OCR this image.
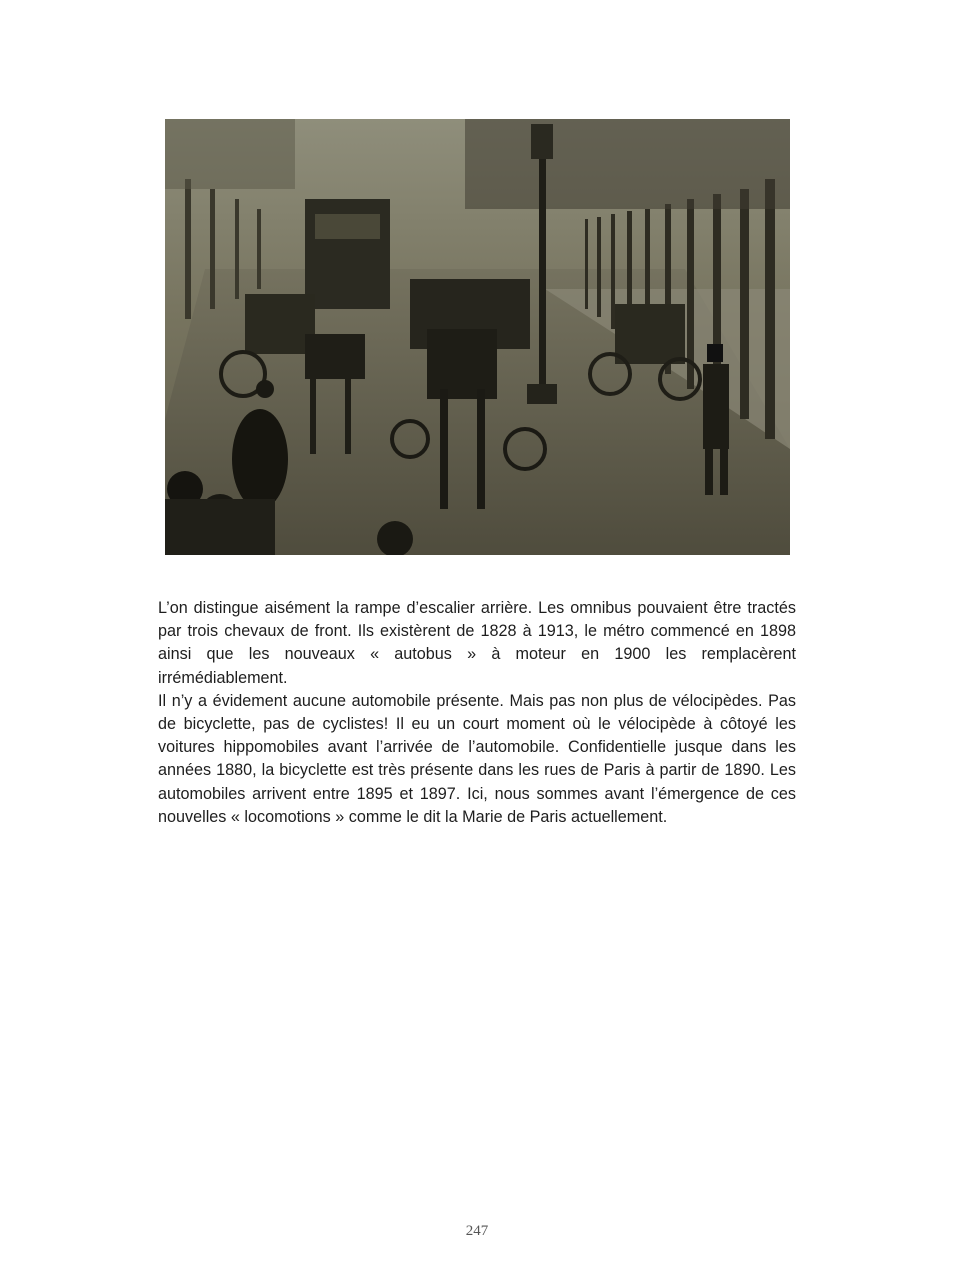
L’on distingue aisément la rampe d’escalier arrière. Les omnibus pouvaient être tractés par trois chevaux de front. Ils existèrent de 1828 à 1913, le métro commencé en 1898 ainsi que les nouveaux « autobus » à moteur en 1900 les remplacèrent irrémédiablement.

Il n’y a évidement aucune automobile présente. Mais pas non plus de vélocipèdes. Pas de bicyclette, pas de cyclistes! Il eu un court moment où le vélocipède à côtoyé les voitures hippomobiles avant l’arrivée de l’automobile. Confidentielle jusque dans les années 1880, la bicyclette est très présente dans les rues de Paris à partir de 1890. Les automobiles arrivent entre 1895 et 1897. Ici, nous sommes avant l’émergence de ces nouvelles « locomotions » comme le dit la Marie de Paris actuellement.

247
